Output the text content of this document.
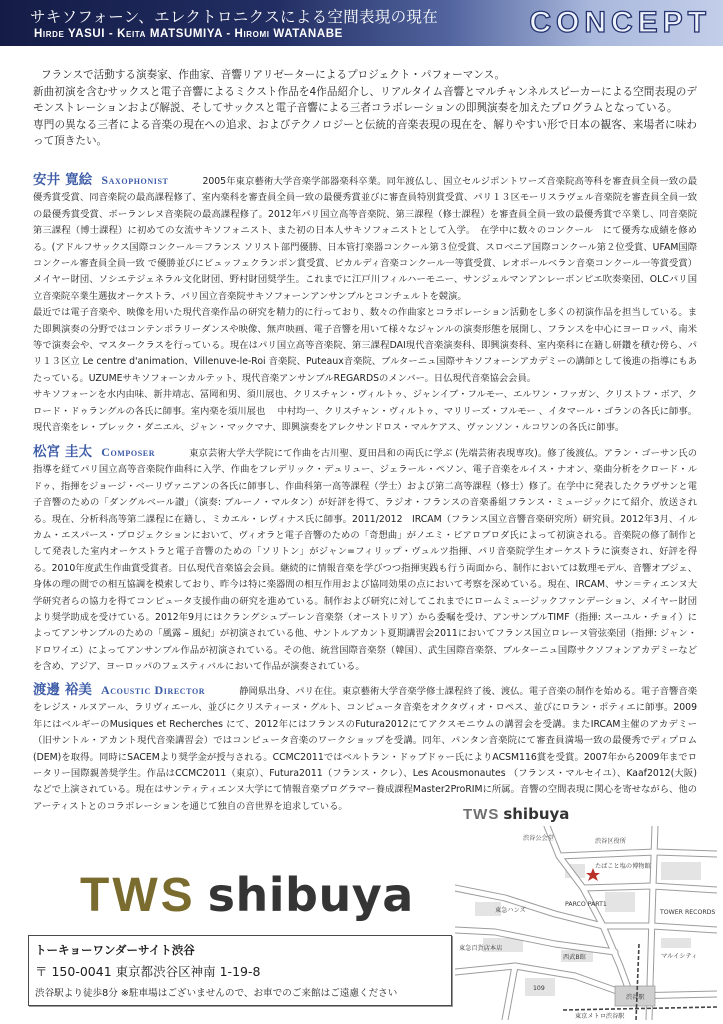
サキソフォーン、エレクトロニクスによる空間表現の現在
Hirde YASUI - Keita MATSUMIYA - Hiromi WATANABE	CONCEPT

フランスで活動する演奏家、作曲家、音響リアリゼーターによるプロジェクト・パフォーマンス。

新曲初演を含むサックスと電子音響によるミクスト作品を4作品紹介し、リアルタイム音響とマルチャンネルスピーカーによる空間表現のデモンストレーションおよび解説、そしてサックスと電子音響による三者コラボレーションの即興演奏を加えたプログラムとなっている。

専門の異なる三者による音楽の現在への追求、およびテクノロジーと伝統的音楽表現の現在を、解りやすい形で日本の観客、来場者に味わって頂きたい。

安井 寛絵 Saxophonist	2005年東京藝術大学音楽学部器楽科卒業。同年渡仏し、国立セルジポントワーズ音楽院高等科を審査員全員一致の最優秀賞受賞、同音楽院の最高課程修了、室内楽科を審査員全員一致の最優秀賞並びに審査員特別賞受賞、パリ１３区モーリスラヴェル音楽院を審査員全員一致の最優秀賞受賞、ボーランレヌ音楽院の最高課程修了。2012年パリ国立高等音楽院、第三課程（修士課程）を審査員全員一致の最優秀賞で卒業し、同音楽院第三課程（博士課程）に初めての女流サキソフォニスト、また初の日本人サキソフォニストとして入学。　在学中に数々のコンクール　にて優秀な成績を修める。(アドルフサックス国際コンクール＝フランス ソリスト部門優勝、日本管打楽器コンクール第３位受賞、スロベニア国際コンクール第２位受賞、UFAM国際コンクール審査員全員一致 で優勝並びにビュッフェクランポン賞受賞、ピカルディ音楽コンクール一等賞受賞、レオポールベラン音楽コンクール一等賞受賞）メイヤー財団、ソシエテジェネラル文化財団、野村財団奨学生。これまでに江戸川フィルハーモニー、サンジェルマンアンレーボンピエ吹奏楽団、OLCパリ国立音楽院卒業生選抜オーケストラ、パリ国立音楽院サキソフォーンアンサンブルとコンチェルトを競演。

最近では電子音楽や、映像を用いた現代音楽作品の研究を精力的に行っており、数々の作曲家とコラボレーション活動をし多くの初演作品を担当している。また即興演奏の分野ではコンテンポラリーダンスや映像、無声映画、電子音響を用いて様々なジャンルの演奏形態を展開し、フランスを中心にヨーロッパ、南米等で演奏会や、マスタークラスを行っている。現在はパリ国立高等音楽院、第三課程DAI現代音楽演奏科、即興演奏科、室内楽科に在籍し研鑽を積む傍ら、パリ１３区立 Le centre d'animation、Villenuve-le-Roi 音楽院、Puteaux音楽院、ブルターニュ国際サキソフォーンアカデミーの講師として後進の指導にもあたっている。UZUMEサキソフォーンカルテット、現代音楽アンサンブルREGARDSのメンバー。日仏現代音楽協会会員。

サキソフォーンを水内由味、新井靖志、冨岡和男、須川展也、クリスチャン・ヴィルトゥ、ジャンイブ・フルモー、エルワン・ファガン、クリストフ・ボア、クロード・ドゥラングルの各氏に師事。室内楽を須川展也　 中村均一、クリスチャン・ヴィルトゥ、マリリーズ・フルモー 、イタマール・ゴランの各氏に師事。現代音楽をレ・ブレック・ダニエル、ジャン・マックマナ、即興演奏をアレクサンドロス・マルケアス、ヴァンソン・ルコワンの各氏に師事。

松宮 圭太 Composer	東京芸術大学大学院にて作曲を古川聖、夏田昌和の両氏に学ぶ (先端芸術表現専攻)。修了後渡仏。アラン・ゴーサン氏の指導を経てパリ国立高等音楽院作曲科に入学、作曲をフレデリック・デュリュー、ジェラール・ペソン、電子音楽をルイス・ナオン、楽曲分析をクロード・ルドゥ、指揮をジョージ・ベーリヴァニアンの各氏に師事し、作曲科第一高等課程（学士）および第二高等課程（修士）修了。在学中に発表したクラヴサンと電子音響のための「ダングルベール讃」（演奏: ブルーノ・マルタン）が好評を得て、ラジオ・フランスの音楽番組フランス・ミュージックにて紹介、放送される。現在、分析科高等第二課程に在籍し、ミカエル・レヴィナス氏に師事。2011/2012　IRCAM（フランス国立音響音楽研究所）研究員。2012年3月、イルカム・エスパース・プロジェクションにおいて、ヴィオラと電子音響のための「奇想曲」がノエミ・ビアロブロダ氏によって初演される。音楽院の修了制作として発表した室内オーケストラと電子音響のための「ソリトン」がジャン=フィリップ・ヴュルツ指揮、パリ音楽院学生オーケストラに演奏され、好評を得る。2010年度武生作曲賞受賞者。日仏現代音楽協会会員。継続的に情報音楽を学びつつ指揮実践も行う両面から、制作においては数理モデル、音響オブジェ、身体の理の間での相互協調を模索しており、昨今は特に楽器間の相互作用および協同効果の点において考察を深めている。現在、IRCAM、サン＝ティエンヌ大学研究者らの協力を得てコンピュータ支援作曲の研究を進めている。制作および研究に対してこれまでにロームミュージックファンデーション、メイヤー財団より奨学助成を受けている。2012年9月にはクラングシュプーレン音楽祭（オーストリア）から委嘱を受け、アンサンブルTIMF（指揮: スーユル・チョイ）によってアンサンブルのための「風露 – 風紀」が初演されている他、サントルアカント夏期講習会2011においてフランス国立ロレーヌ管弦楽団（指揮: ジャン・ドロワイエ）によってアンサンブル作品が初演されている。その他、統営国際音楽祭（韓国）、武生国際音楽祭、ブルターニュ国際サクソフォンアカデミーなどを含め、アジア、ヨーロッパのフェスティバルにおいて作品が演奏されている。

渡邊 裕美 Acoustic Director	静岡県出身、パリ在住。東京藝術大学音楽学修士課程終了後、渡仏。電子音楽の制作を始める。電子音響音楽をレジス・ルヌアール、ラリヴィエール、並びにクリスティーヌ・グルト、コンピュータ音楽をオクタヴィオ・ロペス、並びにロラン・ポティエに師事。2009年にはベルギーのMusiques et Recherches にて、2012年にはフランスのFutura2012にてアクスモニウムの講習会を受講。またIRCAM主催のアカデミー（旧サントル・アカント現代音楽講習会）ではコンピュータ音楽のワークショップを受講。同年、パンタン音楽院にて審査員満場一致の最優秀でディプロム(DEM)を取得。同時にSACEMより奨学金が授与される。CCMC2011ではベルトラン・ドゥブドゥー氏によりACSM116賞を受賞。2007年から2009年までロータリー国際親善奨学生。作品はCCMC2011（東京）、Futura2011（フランス・クレ）、Les Acousmonautes （フランス・マルセイユ）、Kaaf2012(大阪)などで上演されている。現在はサンティティエンヌ大学にて情報音楽プログラマー養成課程Master2ProRIMに所属。音響の空間表現に関心を寄せながら、他のアーティストとのコラボレーションを通じて独自の音世界を追求している。	TWS shibuya
渋谷公会堂	渋谷区役所
たばこと塩の博物館
PARCO PART1
TOWER RECORDS
東急ハンズ
西武B館
東急百貨店本店
マルイシティ
109
渋谷駅
東京メトロ渋谷駅
TWS shibuya
トーキョーワンダーサイト渋谷
〒 150-0041 東京都渋谷区神南 1-19-8
渋谷駅より徒歩8分 ※駐車場はございませんので、お車でのご来館はご遠慮ください
